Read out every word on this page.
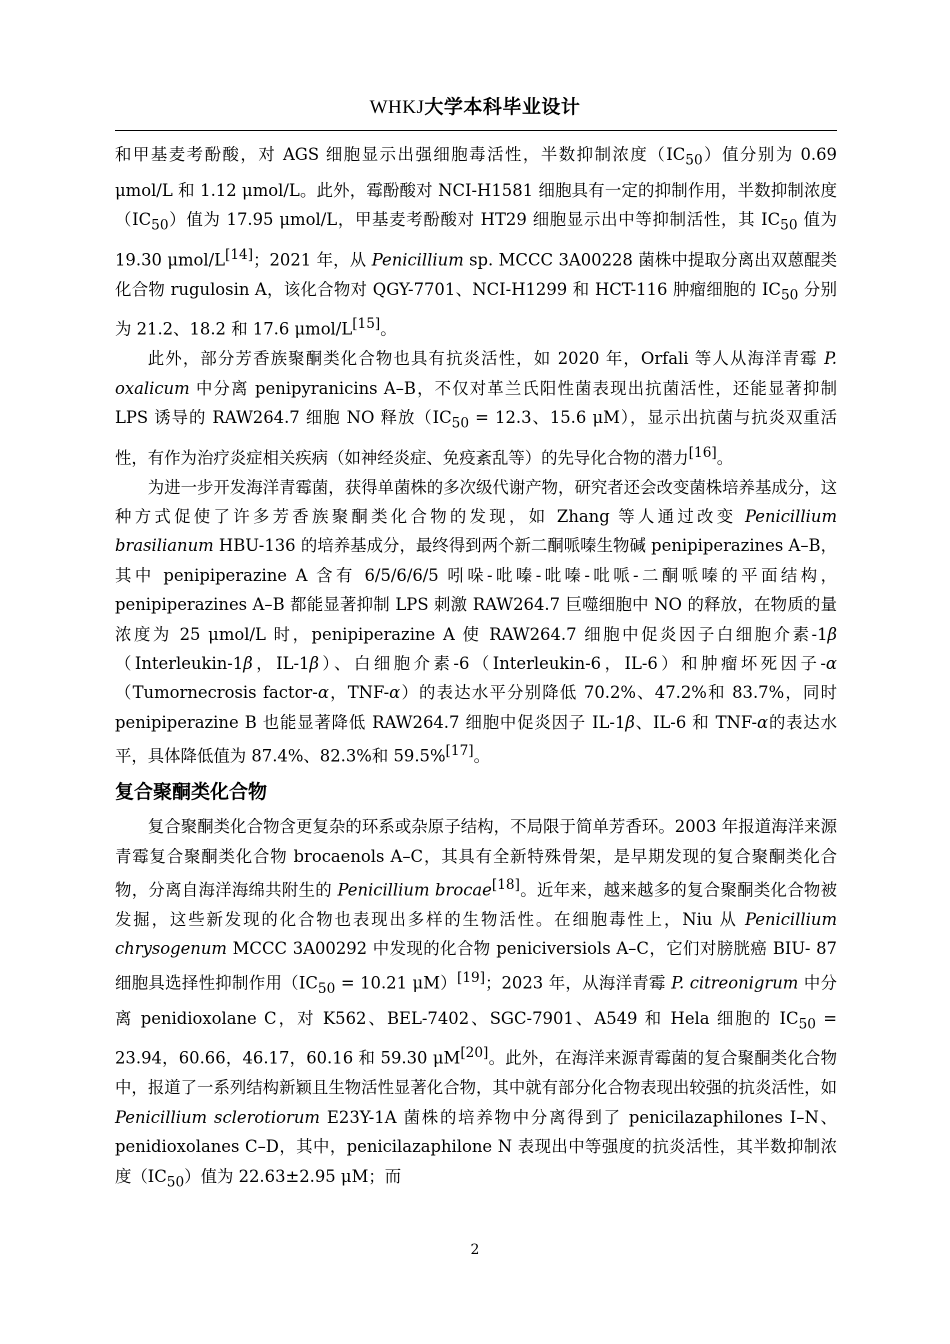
WHKJ大学本科毕业设计

和甲基麦考酚酸，对 AGS 细胞显示出强细胞毒活性，半数抑制浓度$(IC_{50})$值分别为 0.69 μmol/L 和 1.12 μmol/L。此外，霉酚酸对 NCI-H1581 细胞具有一定的抑制作用，半数抑制浓度$(IC_{50})$值为 17.95 μmol/L，甲基麦考酚酸对 HT29 细胞显示出中等抑制活性，其 $IC_{50}$ 值为 19.30 μmol/L[14]；2021 年，从 Penicillium sp. MCCC 3A00228 菌株中提取分离出双蒽醌类化合物 rugulosin A，该化合物对 QGY-7701、NCI-H1299 和 HCT-116 肿瘤细胞的 $IC_{50}$ 分别为 21.2、18.2 和 17.6 μmol/L[15]。

此外，部分芳香族聚酮类化合物也具有抗炎活性，如 2020 年，Orfali 等人从海洋青霉 P. oxalicum 中分离 penipyranicins A–B，不仅对革兰氏阳性菌表现出抗菌活性，还能显著抑制 LPS 诱导的 RAW264.7 细胞 NO 释放（$IC_{50} = 12.3$、15.6 μM），显示出抗菌与抗炎双重活性，有作为治疗炎症相关疾病（如神经炎症、免疫紊乱等）的先导化合物的潜力[16]。

为进一步开发海洋青霉菌，获得单菌株的多次级代谢产物，研究者还会改变菌株培养基成分，这种方式促使了许多芳香族聚酮类化合物的发现，如 Zhang 等人通过改变 Penicillium brasilianum HBU-136 的培养基成分，最终得到两个新二酮哌嗪生物碱 penipiperazines A–B，其中 penipiperazine A 含有 6/5/6/6/5 吲哚-吡嗪-吡嗪-吡哌-二酮哌嗪的平面结构，penipiperazines A–B 都能显著抑制 LPS 刺激 RAW264.7 巨噬细胞中 NO 的释放，在物质的量浓度为 25 μmol/L 时，penipiperazine A 使 RAW264.7 细胞中促炎因子白细胞介素-1β（Interleukin-1β，IL-1β）、白细胞介素-6（Interleukin-6，IL-6）和肿瘤坏死因子-α（Tumornecrosis factor-α，TNF-α）的表达水平分别降低 70.2%、47.2%和 83.7%，同时 penipiperazine B 也能显著降低 RAW264.7 细胞中促炎因子 IL-1β、IL-6 和 TNF-α的表达水平，具体降低值为 87.4%、82.3%和 59.5%[17]。

复合聚酮类化合物

复合聚酮类化合物含更复杂的环系或杂原子结构，不局限于简单芳香环。2003 年报道海洋来源青霉复合聚酮类化合物 brocaenols A–C，其具有全新特殊骨架，是早期发现的复合聚酮类化合物，分离自海洋海绵共附生的 Penicillium brocae[18]。近年来，越来越多的复合聚酮类化合物被发掘，这些新发现的化合物也表现出多样的生物活性。在细胞毒性上，Niu 从 Penicillium chrysogenum MCCC 3A00292 中发现的化合物 peniciversiols A–C，它们对膀胱癌 BIU- 87 细胞具选择性抑制作用（$IC_{50} = 10.21$ μM）[19]；2023 年，从海洋青霉 P. citreonigrum 中分离 penidioxolane C，对 K562、BEL-7402、SGC-7901、A549 和 Hela 细胞的 $IC_{50} = 23.94$，60.66，46.17，60.16 和 59.30 μM[20]。此外，在海洋来源青霉菌的复合聚酮类化合物中，报道了一系列结构新颖且生物活性显著化合物，其中就有部分化合物表现出较强的抗炎活性，如 Penicillium sclerotiorum E23Y-1A 菌株的培养物中分离得到了 penicilazaphilones I–N、penidioxolanes C–D，其中，penicilazaphilone N 表现出中等强度的抗炎活性，其半数抑制浓度$(IC_{50})$值为 22.63±2.95 μM；而

2
